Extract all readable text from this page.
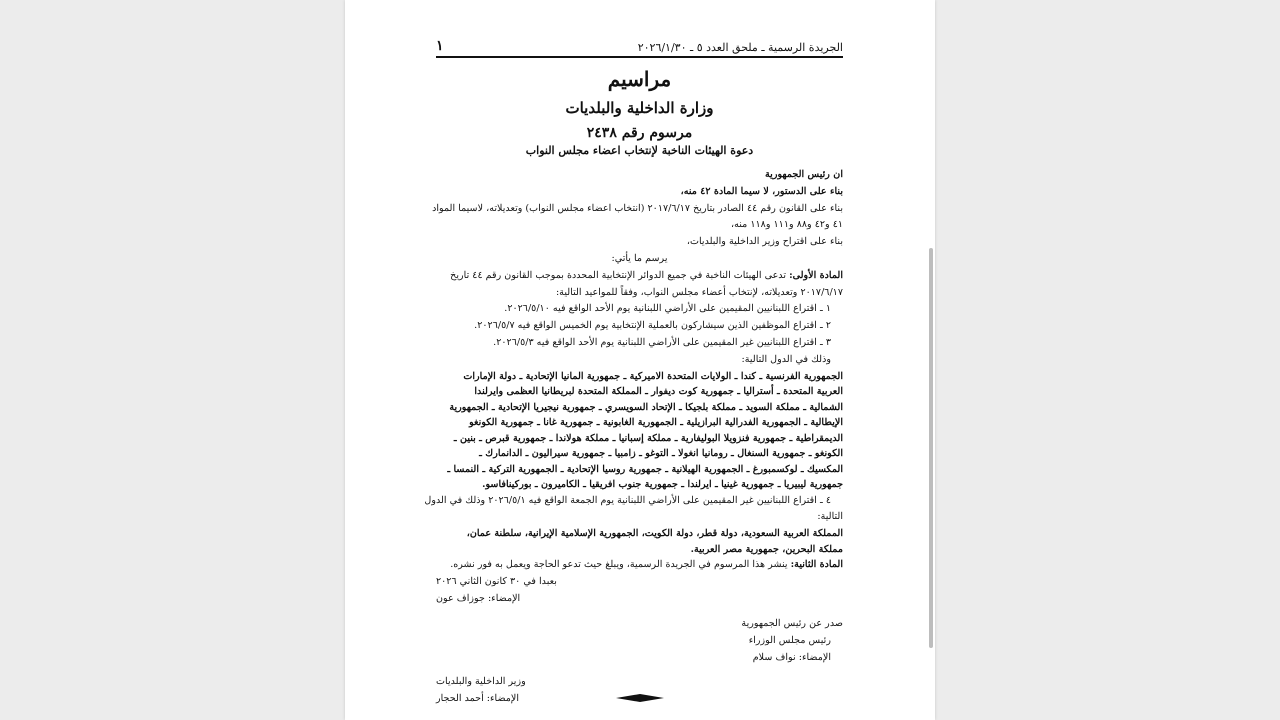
الجريدة الرسمية ـ ملحق العدد ٥ ـ ٢٠٢٦/١/٣٠
١
مراسيم
وزارة الداخلية والبلديات
مرسوم رقم ٢٤٣٨
دعوة الهيئات الناخبة لإنتخاب اعضاء مجلس النواب
ان رئيس الجمهورية
بناء على الدستور، لا سيما المادة ٤٢ منه،
بناء على القانون رقم ٤٤ الصادر بتاريخ ٢٠١٧/٦/١٧ (انتخاب اعضاء مجلس النواب) وتعديلاته، لاسيما المواد
٤١ و٤٢ و٨٨ و١١١ و١١٨ منه،
بناء على اقتراح وزير الداخلية والبلديات،
يرسم ما يأتي:
المادة الأولى: تدعى الهيئات الناخبة في جميع الدوائر الإنتخابية المحددة بموجب القانون رقم ٤٤ تاريخ
٢٠١٧/٦/١٧ وتعديلاته، لإنتخاب أعضاء مجلس النواب، وفقاً للمواعيد التالية:
١ ـ اقتراع اللبنانيين المقيمين على الأراضي اللبنانية يوم الأحد الواقع فيه ٢٠٢٦/٥/١٠.
٢ ـ اقتراع الموظفين الذين سيشاركون بالعملية الإنتخابية يوم الخميس الواقع فيه ٢٠٢٦/٥/٧.
٣ ـ اقتراع اللبنانيين غير المقيمين على الأراضي اللبنانية يوم الأحد الواقع فيه ٢٠٢٦/٥/٣.
وذلك في الدول التالية:
الجمهورية الفرنسية ـ كندا ـ الولايات المتحدة الاميركية ـ جمهورية المانيا الإتحادية ـ دولة الإمارات
العربية المتحدة ـ أستراليا ـ جمهورية كوت ديفوار ـ المملكة المتحدة لبريطانيا العظمى وايرلندا
الشمالية ـ مملكة السويد ـ مملكة بلجيكا ـ الإتحاد السويسري ـ جمهورية نيجيريا الإتحادية ـ الجمهورية
الإيطالية ـ الجمهورية الفدرالية البرازيلية ـ الجمهورية الغابونية ـ جمهورية غانا ـ جمهورية الكونغو
الديمقراطية ـ جمهورية فنزويلا البوليفارية ـ مملكة إسبانيا ـ مملكة هولاندا ـ جمهورية قبرص ـ بنين ـ
الكونغو ـ جمهورية السنغال ـ رومانيا انغولا ـ التوغو ـ زامبيا ـ جمهورية سيراليون ـ الدانمارك ـ
المكسيك ـ لوكسمبورغ ـ الجمهورية الهيلانية ـ جمهورية روسيا الإتحادية ـ الجمهورية التركية ـ النمسا ـ
جمهورية ليبيريا ـ جمهورية غينيا ـ ايرلندا ـ جمهورية جنوب افريقيا ـ الكاميرون ـ بوركينافاسو.
٤ ـ اقتراع اللبنانيين غير المقيمين على الأراضي اللبنانية يوم الجمعة الواقع فيه ٢٠٢٦/٥/١ وذلك في الدول
التالية:
المملكة العربية السعودية، دولة قطر، دولة الكويت، الجمهورية الإسلامية الإيرانية، سلطنة عمان،
مملكة البحرين، جمهورية مصر العربية.
المادة الثانية: ينشر هذا المرسوم في الجريدة الرسمية، ويبلغ حيث تدعو الحاجة ويعمل به فور نشره.
بعبدا في ٣٠ كانون الثاني ٢٠٢٦
الإمضاء: جوزاف عون
صدر عن رئيس الجمهورية
رئيس مجلس الوزراء
الإمضاء: نواف سلام
وزير الداخلية والبلديات
الإمضاء: أحمد الحجار
